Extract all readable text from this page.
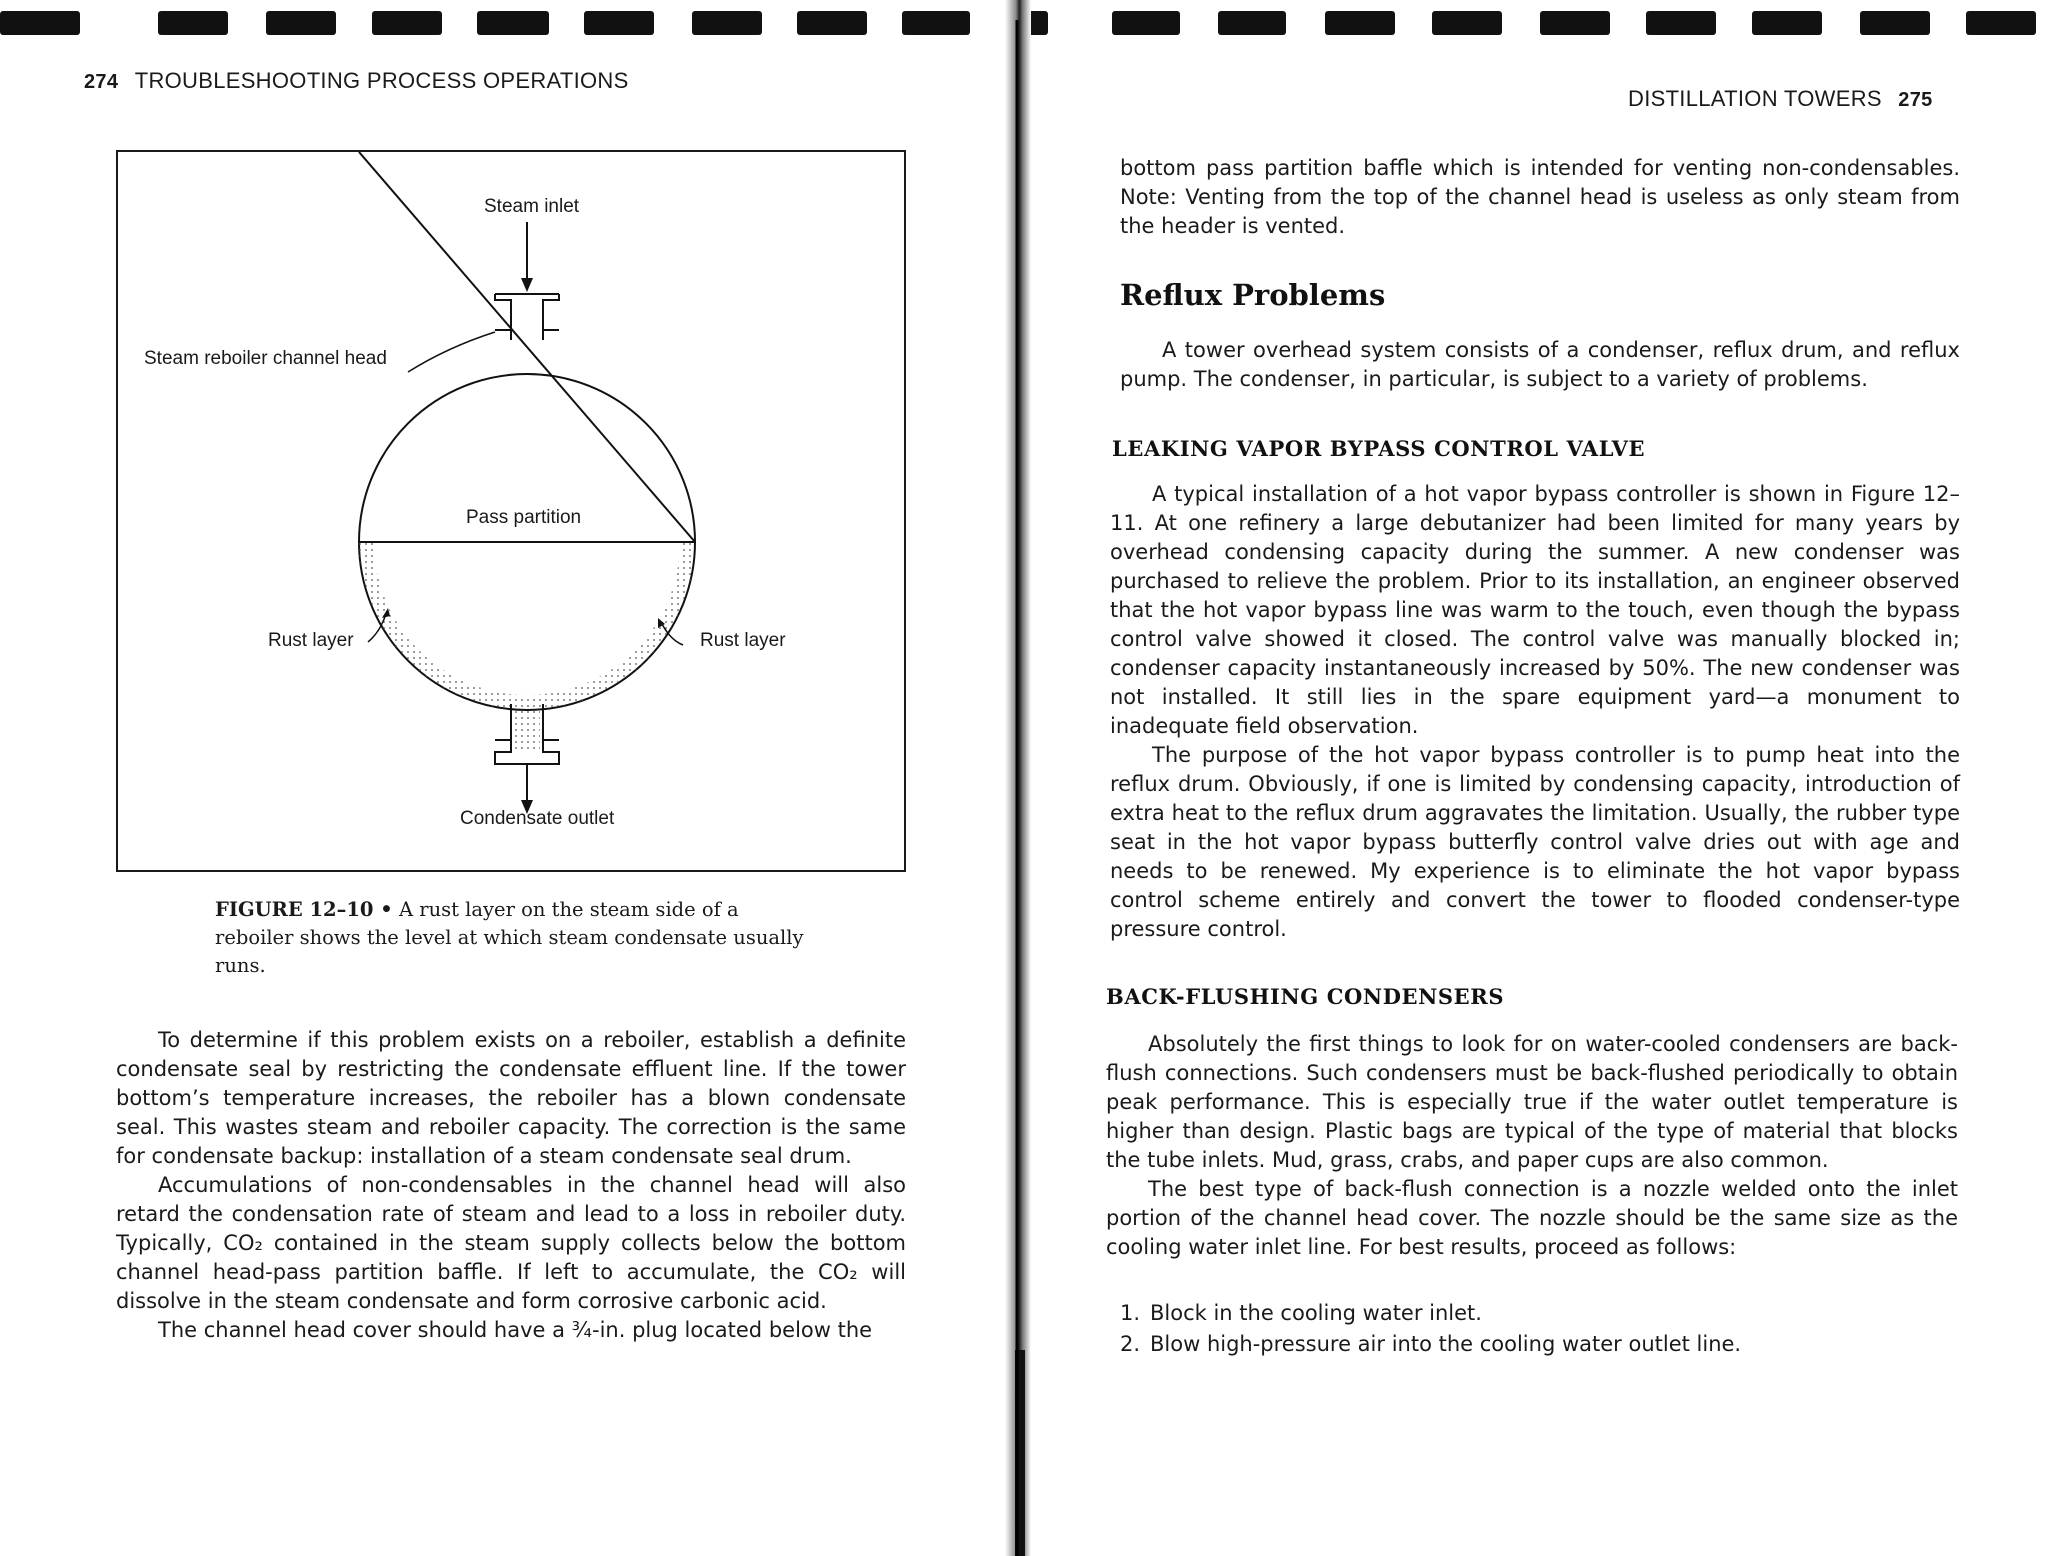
274 TROUBLESHOOTING PROCESS OPERATIONS
Steam inlet
Steam reboiler channel head
Pass partition
Rust layer	Rust layer
Condensate outlet
FIGURE 12–10 • A rust layer on the steam side of a reboiler shows the level at which steam condensate usually runs.

To determine if this problem exists on a reboiler, establish a definite condensate seal by restricting the condensate effluent line. If the tower bottom’s temperature increases, the reboiler has a blown condensate seal. This wastes steam and reboiler capacity. The correction is the same for condensate backup: installation of a steam condensate seal drum.

Accumulations of non-condensables in the channel head will also retard the condensation rate of steam and lead to a loss in reboiler duty. Typically, CO₂ contained in the steam supply collects below the bottom channel head-pass partition baffle. If left to accumulate, the CO₂ will dissolve in the steam condensate and form corrosive carbonic acid.

The channel head cover should have a ¾-in. plug located below the

DISTILLATION TOWERS 275

bottom pass partition baffle which is intended for venting non-condensables. Note: Venting from the top of the channel head is useless as only steam from the header is vented.

Reflux Problems

A tower overhead system consists of a condenser, reflux drum, and reflux pump. The condenser, in particular, is subject to a variety of problems.

LEAKING VAPOR BYPASS CONTROL VALVE

A typical installation of a hot vapor bypass controller is shown in Figure 12–11. At one refinery a large debutanizer had been limited for many years by overhead condensing capacity during the summer. A new condenser was purchased to relieve the problem. Prior to its installation, an engineer observed that the hot vapor bypass line was warm to the touch, even though the bypass control valve showed it closed. The control valve was manually blocked in; condenser capacity instantaneously increased by 50%. The new condenser was not installed. It still lies in the spare equipment yard—a monument to inadequate field observation.

The purpose of the hot vapor bypass controller is to pump heat into the reflux drum. Obviously, if one is limited by condensing capacity, introduction of extra heat to the reflux drum aggravates the limitation. Usually, the rubber type seat in the hot vapor bypass butterfly control valve dries out with age and needs to be renewed. My experience is to eliminate the hot vapor bypass control scheme entirely and convert the tower to flooded condenser-type pressure control.

BACK-FLUSHING CONDENSERS

Absolutely the first things to look for on water-cooled condensers are back-flush connections. Such condensers must be back-flushed periodically to obtain peak performance. This is especially true if the water outlet temperature is higher than design. Plastic bags are typical of the type of material that blocks the tube inlets. Mud, grass, crabs, and paper cups are also common.

The best type of back-flush connection is a nozzle welded onto the inlet portion of the channel head cover. The nozzle should be the same size as the cooling water inlet line. For best results, proceed as follows:

1. Block in the cooling water inlet.
2. Blow high-pressure air into the cooling water outlet line.
